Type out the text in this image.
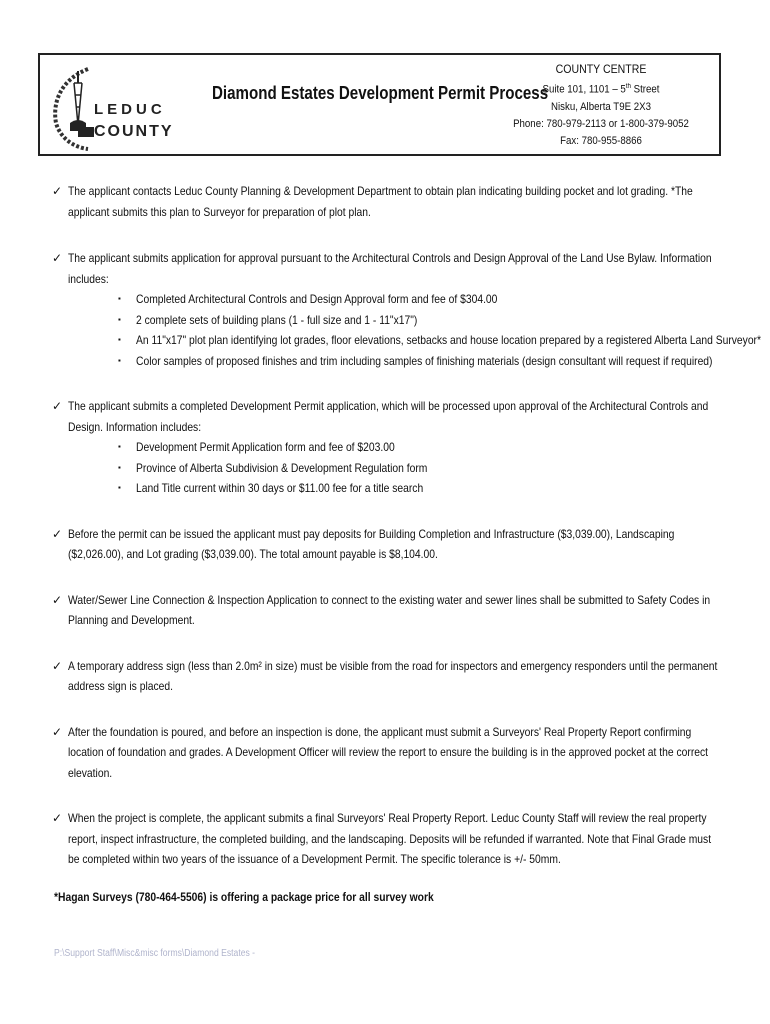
LEDUC
COUNTY
Diamond Estates Development Permit Process
COUNTY CENTRE
Suite 101, 1101 – 5th Street
Nisku, Alberta T9E 2X3
Phone: 780-979-2113 or 1-800-379-9052
Fax: 780-955-8866
✓ The applicant contacts Leduc County Planning & Development Department to obtain plan indicating building pocket and lot grading. *The applicant submits this plan to Surveyor for preparation of plot plan.
✓ The applicant submits application for approval pursuant to the Architectural Controls and Design Approval of the Land Use Bylaw. Information includes:
▪ Completed Architectural Controls and Design Approval form and fee of $304.00
▪ 2 complete sets of building plans (1 - full size and 1 - 11"x17")
▪ An 11"x17" plot plan identifying lot grades, floor elevations, setbacks and house location prepared by a registered Alberta Land Surveyor*
▪ Color samples of proposed finishes and trim including samples of finishing materials (design consultant will request if required)
✓ The applicant submits a completed Development Permit application, which will be processed upon approval of the Architectural Controls and Design. Information includes:
▪ Development Permit Application form and fee of $203.00
▪ Province of Alberta Subdivision & Development Regulation form
▪ Land Title current within 30 days or $11.00 fee for a title search
✓ Before the permit can be issued the applicant must pay deposits for Building Completion and Infrastructure ($3,039.00), Landscaping ($2,026.00), and Lot grading ($3,039.00). The total amount payable is $8,104.00.
✓ Water/Sewer Line Connection & Inspection Application to connect to the existing water and sewer lines shall be submitted to Safety Codes in Planning and Development.
✓ A temporary address sign (less than 2.0m² in size) must be visible from the road for inspectors and emergency responders until the permanent address sign is placed.
✓ After the foundation is poured, and before an inspection is done, the applicant must submit a Surveyors' Real Property Report confirming location of foundation and grades. A Development Officer will review the report to ensure the building is in the approved pocket at the correct elevation.
✓ When the project is complete, the applicant submits a final Surveyors' Real Property Report. Leduc County Staff will review the real property report, inspect infrastructure, the completed building, and the landscaping. Deposits will be refunded if warranted. Note that Final Grade must be completed within two years of the issuance of a Development Permit. The specific tolerance is +/- 50mm.
*Hagan Surveys (780-464-5506) is offering a package price for all survey work
P:\Support Staff\Misc&misc forms\Diamond Estates -
